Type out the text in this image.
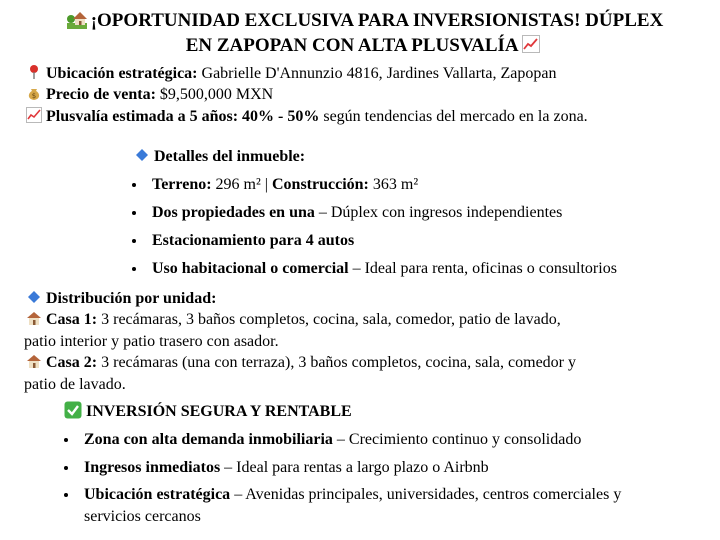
¡OPORTUNIDAD EXCLUSIVA PARA INVERSIONISTAS! DÚPLEX
EN ZAPOPAN CON ALTA PLUSVALÍA
Ubicación estratégica: Gabrielle D'Annunzio 4816, Jardines Vallarta, Zapopan
$ Precio de venta: $9,500,000 MXN
Plusvalía estimada a 5 años: 40% - 50% según tendencias del mercado en la zona.
Detalles del inmueble:
Terreno: 296 m² | Construcción: 363 m²
Dos propiedades en una – Dúplex con ingresos independientes
Estacionamiento para 4 autos
Uso habitacional o comercial – Ideal para renta, oficinas o consultorios
Distribución por unidad:
Casa 1: 3 recámaras, 3 baños completos, cocina, sala, comedor, patio de lavado,
patio interior y patio trasero con asador.
Casa 2: 3 recámaras (una con terraza), 3 baños completos, cocina, sala, comedor y
patio de lavado.
INVERSIÓN SEGURA Y RENTABLE
Zona con alta demanda inmobiliaria – Crecimiento continuo y consolidado
Ingresos inmediatos – Ideal para rentas a largo plazo o Airbnb
Ubicación estratégica – Avenidas principales, universidades, centros comerciales y
servicios cercanos
